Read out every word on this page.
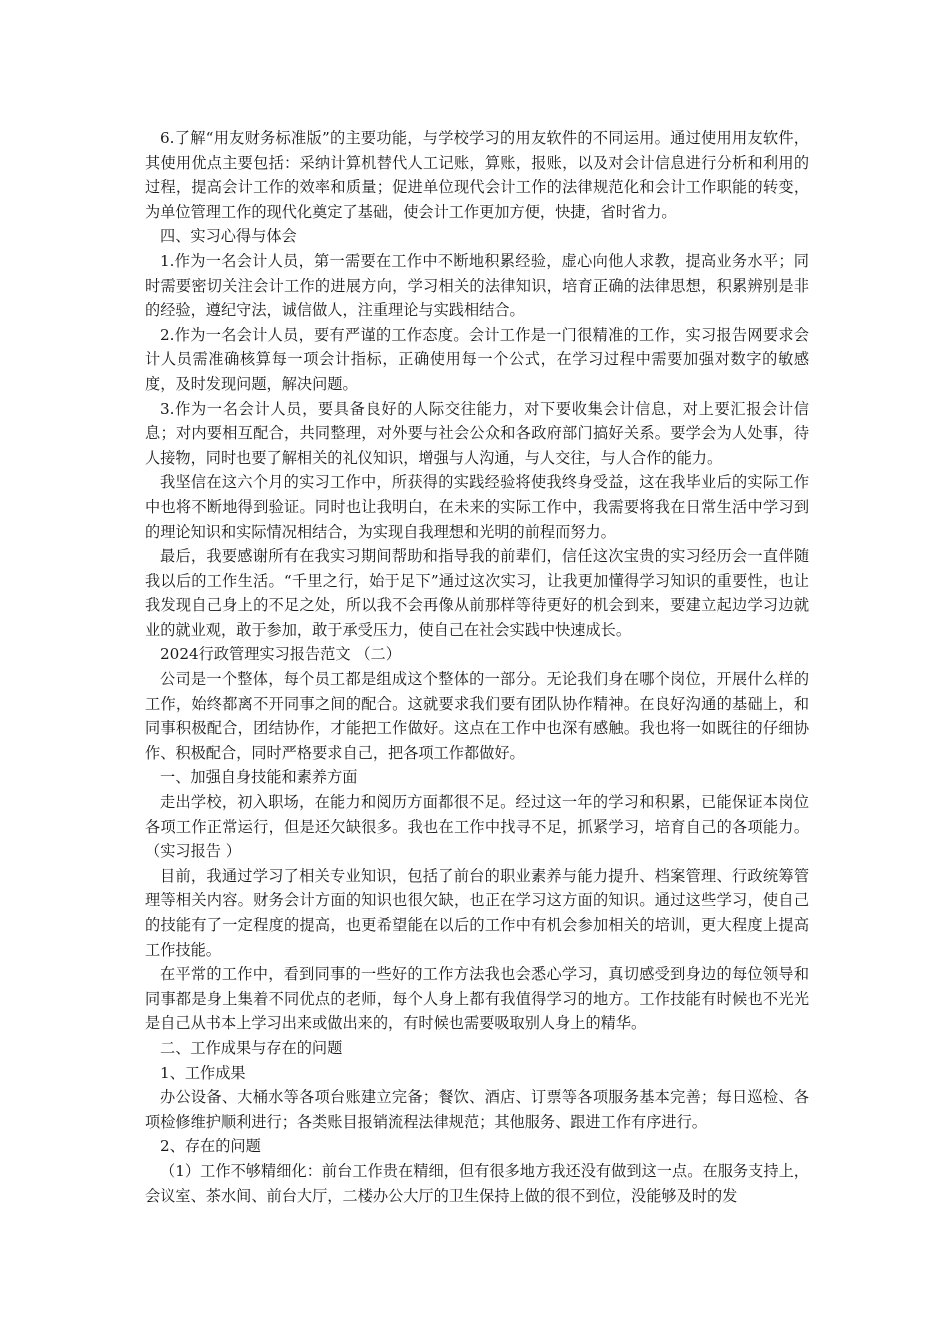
6.了解“用友财务标准版”的主要功能，与学校学习的用友软件的不同运用。通过使用用友软件，其使用优点主要包括：采纳计算机替代人工记账，算账，报账，以及对会计信息进行分析和利用的过程，提高会计工作的效率和质量；促进单位现代会计工作的法律规范化和会计工作职能的转变，为单位管理工作的现代化奠定了基础，使会计工作更加方便，快捷，省时省力。

四、实习心得与体会

1.作为一名会计人员，第一需要在工作中不断地积累经验，虚心向他人求教，提高业务水平；同时需要密切关注会计工作的进展方向，学习相关的法律知识，培育正确的法律思想，积累辨别是非的经验，遵纪守法，诚信做人，注重理论与实践相结合。

2.作为一名会计人员，要有严谨的工作态度。会计工作是一门很精准的工作，实习报告网要求会计人员需准确核算每一项会计指标，正确使用每一个公式，在学习过程中需要加强对数字的敏感度，及时发现问题，解决问题。

3.作为一名会计人员，要具备良好的人际交往能力，对下要收集会计信息，对上要汇报会计信息；对内要相互配合，共同整理，对外要与社会公众和各政府部门搞好关系。要学会为人处事，待人接物，同时也要了解相关的礼仪知识，增强与人沟通，与人交往，与人合作的能力。

我坚信在这六个月的实习工作中，所获得的实践经验将使我终身受益，这在我毕业后的实际工作中也将不断地得到验证。同时也让我明白，在未来的实际工作中，我需要将我在日常生活中学习到的理论知识和实际情况相结合，为实现自我理想和光明的前程而努力。

最后，我要感谢所有在我实习期间帮助和指导我的前辈们，信任这次宝贵的实习经历会一直伴随我以后的工作生活。“千里之行，始于足下”通过这次实习，让我更加懂得学习知识的重要性，也让我发现自己身上的不足之处，所以我不会再像从前那样等待更好的机会到来，要建立起边学习边就业的就业观，敢于参加，敢于承受压力，使自己在社会实践中快速成长。

2024行政管理实习报告范文 （二）

公司是一个整体，每个员工都是组成这个整体的一部分。无论我们身在哪个岗位，开展什么样的工作，始终都离不开同事之间的配合。这就要求我们要有团队协作精神。在良好沟通的基础上，和同事积极配合，团结协作，才能把工作做好。这点在工作中也深有感触。我也将一如既往的仔细协作、积极配合，同时严格要求自己，把各项工作都做好。

一、加强自身技能和素养方面

走出学校，初入职场，在能力和阅历方面都很不足。经过这一年的学习和积累，已能保证本岗位各项工作正常运行，但是还欠缺很多。我也在工作中找寻不足，抓紧学习，培育自己的各项能力。 （实习报告 ）

目前，我通过学习了相关专业知识，包括了前台的职业素养与能力提升、档案管理、行政统筹管理等相关内容。财务会计方面的知识也很欠缺，也正在学习这方面的知识。通过这些学习，使自己的技能有了一定程度的提高，也更希望能在以后的工作中有机会参加相关的培训，更大程度上提高工作技能。

在平常的工作中，看到同事的一些好的工作方法我也会悉心学习，真切感受到身边的每位领导和同事都是身上集着不同优点的老师，每个人身上都有我值得学习的地方。工作技能有时候也不光光是自己从书本上学习出来或做出来的，有时候也需要吸取别人身上的精华。

二、工作成果与存在的问题

1、工作成果

办公设备、大桶水等各项台账建立完备；餐饮、酒店、订票等各项服务基本完善；每日巡检、各项检修维护顺利进行；各类账目报销流程法律规范；其他服务、跟进工作有序进行。

2、存在的问题

（1）工作不够精细化：前台工作贵在精细，但有很多地方我还没有做到这一点。在服务支持上，会议室、茶水间、前台大厅，二楼办公大厅的卫生保持上做的很不到位，没能够及时的发
